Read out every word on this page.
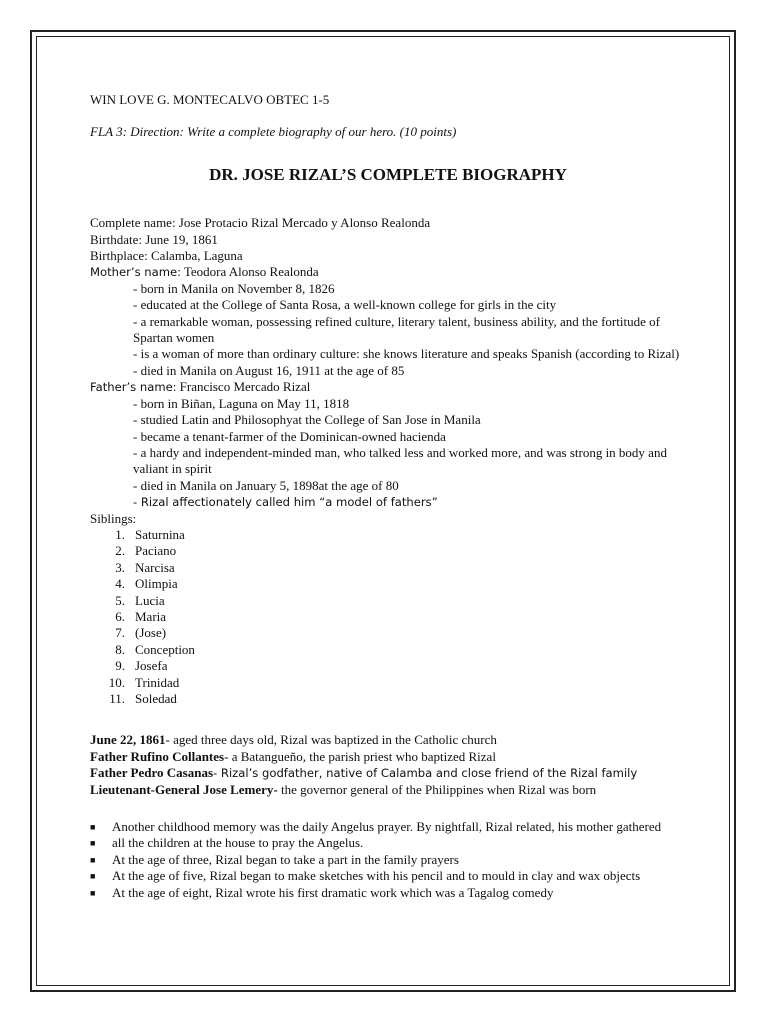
WIN LOVE G. MONTECALVO OBTEC 1-5
FLA 3: Direction: Write a complete biography of our hero. (10 points)
DR. JOSE RIZAL’S COMPLETE BIOGRAPHY
Complete name: Jose Protacio Rizal Mercado y Alonso Realonda
Birthdate: June 19, 1861
Birthplace: Calamba, Laguna
Mother’s name: Teodora Alonso Realonda
- born in Manila on November 8, 1826
- educated at the College of Santa Rosa, a well-known college for girls in the city
- a remarkable woman, possessing refined culture, literary talent, business ability, and the fortitude of Spartan women
- is a woman of more than ordinary culture: she knows literature and speaks Spanish (according to Rizal)
- died in Manila on August 16, 1911 at the age of 85
Father’s name: Francisco Mercado Rizal
- born in Biñan, Laguna on May 11, 1818
- studied Latin and Philosophyat the College of San Jose in Manila
- became a tenant-farmer of the Dominican-owned hacienda
- a hardy and independent-minded man, who talked less and worked more, and was strong in body and valiant in spirit
- died in Manila on January 5, 1898at the age of 80
- Rizal affectionately called him “a model of fathers”
Siblings:
1. Saturnina
2. Paciano
3. Narcisa
4. Olimpia
5. Lucia
6. Maria
7. (Jose)
8. Conception
9. Josefa
10. Trinidad
11. Soledad
June 22, 1861- aged three days old, Rizal was baptized in the Catholic church
Father Rufino Collantes- a Batangueño, the parish priest who baptized Rizal
Father Pedro Casanas- Rizal’s godfather, native of Calamba and close friend of the Rizal family
Lieutenant-General Jose Lemery- the governor general of the Philippines when Rizal was born
■	Another childhood memory was the daily Angelus prayer. By nightfall, Rizal related, his mother gathered
■	all the children at the house to pray the Angelus.
■	At the age of three, Rizal began to take a part in the family prayers
■	At the age of five, Rizal began to make sketches with his pencil and to mould in clay and wax objects
■	At the age of eight, Rizal wrote his first dramatic work which was a Tagalog comedy
